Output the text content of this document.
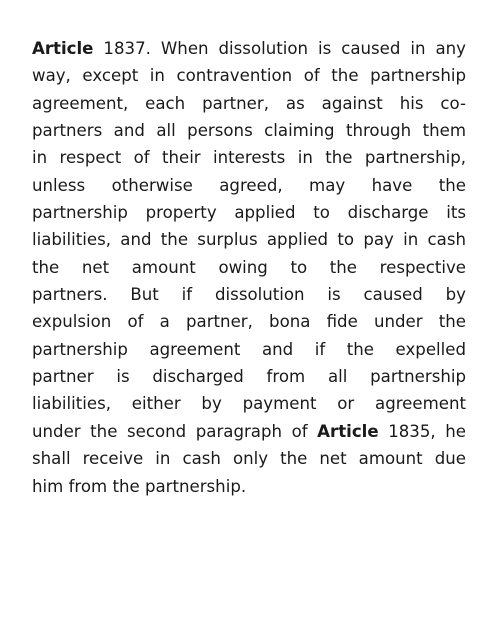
Article 1837. When dissolution is caused in any
way, except in contravention of the partnership
agreement, each partner, as against his co-
partners and all persons claiming through them
in respect of their interests in the partnership,
unless otherwise agreed, may have the
partnership property applied to discharge its
liabilities, and the surplus applied to pay in cash
the net amount owing to the respective
partners. But if dissolution is caused by
expulsion of a partner, bona fide under the
partnership agreement and if the expelled
partner is discharged from all partnership
liabilities, either by payment or agreement
under the second paragraph of Article 1835, he
shall receive in cash only the net amount due
him from the partnership.
